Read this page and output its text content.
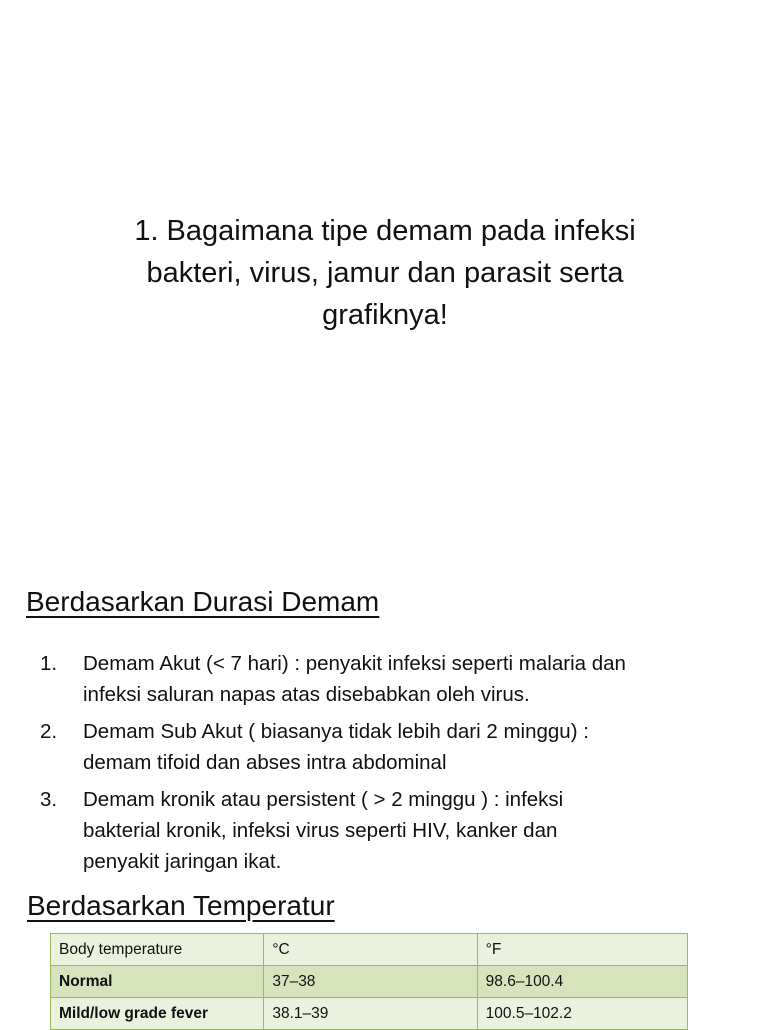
1. Bagaimana tipe demam pada infeksi
bakteri, virus, jamur dan parasit serta
grafiknya!
Berdasarkan Durasi Demam
1.	Demam Akut (< 7 hari) : penyakit infeksi seperti malaria dan
infeksi saluran napas atas disebabkan oleh virus.
2.	Demam Sub Akut ( biasanya tidak lebih dari 2 minggu) :
demam tifoid dan abses intra abdominal
3.	Demam kronik atau persistent ( > 2 minggu ) : infeksi
bakterial kronik, infeksi virus seperti HIV, kanker dan
penyakit jaringan ikat.
Berdasarkan Temperatur
Body temperature	°C	°F
Normal	37–38	98.6–100.4
Mild/low grade fever	38.1–39	100.5–102.2
